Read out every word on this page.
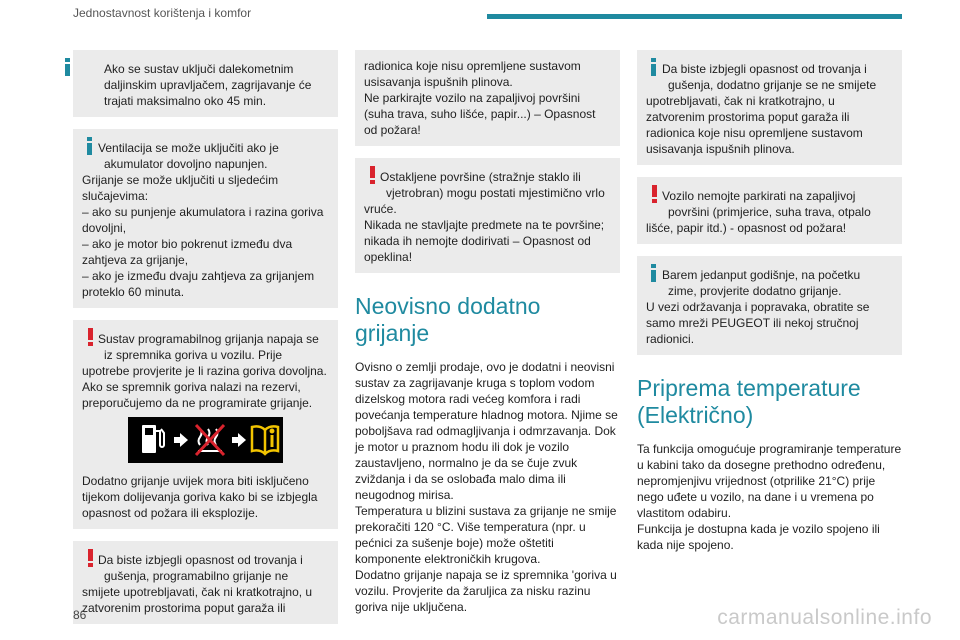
Jednostavnost korištenja i komfor

Ako se sustav uključi dalekometnim daljinskim upravljačem, zagrijavanje će trajati maksimalno oko 45 min.

Ventilacija se može uključiti ako je akumulator dovoljno napunjen.

Grijanje se može uključiti u sljedećim slučajevima:
– ako su punjenje akumulatora i razina goriva dovoljni,
– ako je motor bio pokrenut između dva zahtjeva za grijanje,
– ako je između dvaju zahtjeva za grijanjem proteklo 60 minuta.

Sustav programabilnog grijanja napaja se iz spremnika goriva u vozilu. Prije

upotrebe provjerite je li razina goriva dovoljna. Ako se spremnik goriva nalazi na rezervi, preporučujemo da ne programirate grijanje.

Dodatno grijanje uvijek mora biti isključeno tijekom dolijevanja goriva kako bi se izbjegla opasnost od požara ili eksplozije.

Da biste izbjegli opasnost od trovanja i gušenja, programabilno grijanje ne

smijete upotrebljavati, čak ni kratkotrajno, u zatvorenim prostorima poput garaža ili

radionica koje nisu opremljene sustavom usisavanja ispušnih plinova.
Ne parkirajte vozilo na zapaljivoj površini (suha trava, suho lišće, papir...) – Opasnost od požara!

Ostakljene površine (stražnje staklo ili vjetrobran) mogu postati mjestimično vrlo

vruće.
Nikada ne stavljajte predmete na te površine; nikada ih nemojte dodirivati – Opasnost od opeklina!

Neovisno dodatno grijanje

Ovisno o zemlji prodaje, ovo je dodatni i neovisni sustav za zagrijavanje kruga s toplom vodom dizelskog motora radi većeg komfora i radi povećanja temperature hladnog motora. Njime se poboljšava rad odmagljivanja i odmrzavanja. Dok je motor u praznom hodu ili dok je vozilo zaustavljeno, normalno je da se čuje zvuk zviždanja i da se oslobađa malo dima ili neugodnog mirisa.
Temperatura u blizini sustava za grijanje ne smije prekoračiti 120 °C. Više temperatura (npr. u pećnici za sušenje boje) može oštetiti komponente elektroničkih krugova.
Dodatno grijanje napaja se iz spremnika 'goriva u vozilu. Provjerite da žaruljica za nisku razinu goriva nije uključena.

Da biste izbjegli opasnost od trovanja i gušenja, dodatno grijanje se ne smijete

upotrebljavati, čak ni kratkotrajno, u zatvorenim prostorima poput garaža ili radionica koje nisu opremljene sustavom usisavanja ispušnih plinova.

Vozilo nemojte parkirati na zapaljivoj površini (primjerice, suha trava, otpalo

lišće, papir itd.) - opasnost od požara!

Barem jedanput godišnje, na početku zime, provjerite dodatno grijanje.

U vezi održavanja i popravaka, obratite se samo mreži PEUGEOT ili nekoj stručnoj radionici.

Priprema temperature (Električno)

Ta funkcija omogućuje programiranje temperature u kabini tako da dosegne prethodno određenu, nepromjenjivu vrijednost (otprilike 21°C) prije nego uđete u vozilo, na dane i u vremena po vlastitom odabiru.
Funkcija je dostupna kada je vozilo spojeno ili kada nije spojeno.

86	carmanualsonline.info
